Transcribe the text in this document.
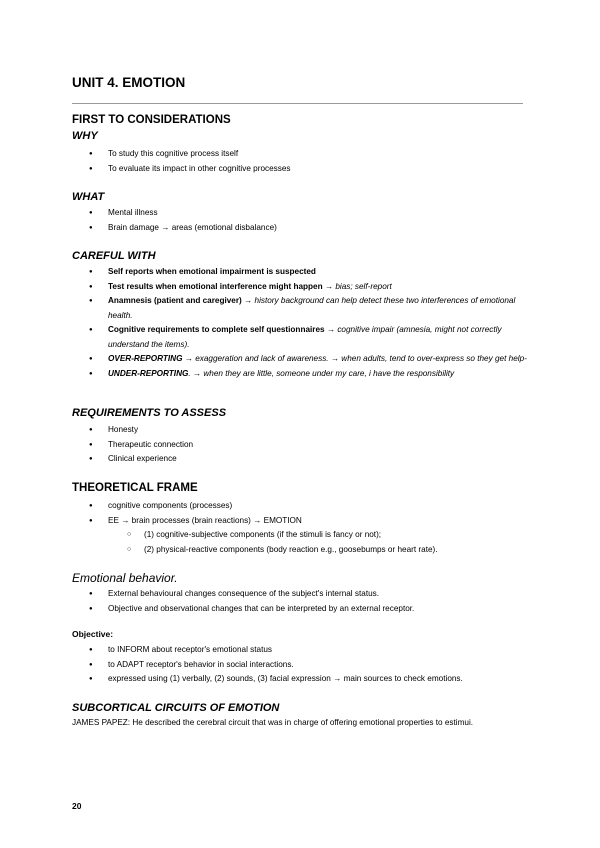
UNIT 4. EMOTION
FIRST TO CONSIDERATIONS
WHY
● To study this cognitive process itself
● To evaluate its impact in other cognitive processes
WHAT
● Mental illness
● Brain damage → areas (emotional disbalance)
CAREFUL WITH
● Self reports when emotional impairment is suspected
● Test results when emotional interference might happen → bias; self-report
● Anamnesis (patient and caregiver) → history background can help detect these two interferences of emotional health.
● Cognitive requirements to complete self questionnaires → cognitive impair (amnesia, might not correctly understand the items).
● OVER-REPORTING → exaggeration and lack of awareness. → when adults, tend to over-express so they get help-
● UNDER-REPORTING. → when they are little, someone under my care, i have the responsibility
REQUIREMENTS TO ASSESS
● Honesty
● Therapeutic connection
● Clinical experience
THEORETICAL FRAME
● cognitive components (processes)
● EE → brain processes (brain reactions) → EMOTION
○ (1) cognitive-subjective components (if the stimuli is fancy or not);
○ (2) physical-reactive components (body reaction e.g., goosebumps or heart rate).
Emotional behavior.
● External behavioural changes consequence of the subject's internal status.
● Objective and observational changes that can be interpreted by an external receptor.

Objective:

● to INFORM about receptor's emotional status
● to ADAPT receptor's behavior in social interactions.
● expressed using (1) verbally, (2) sounds, (3) facial expression → main sources to check emotions.
SUBCORTICAL CIRCUITS OF EMOTION

JAMES PAPEZ: He described the cerebral circuit that was in charge of offering emotional properties to estimui.

20
